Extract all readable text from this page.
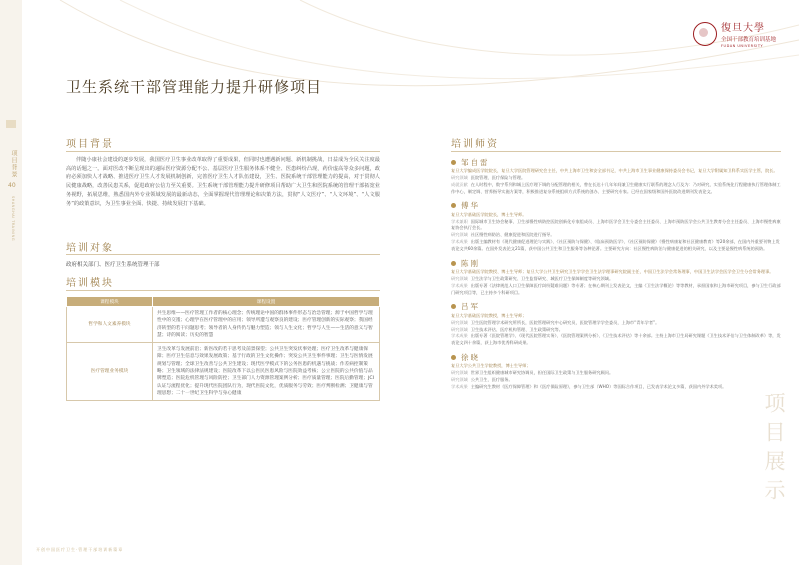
项目背景
40
SHANGHAI TRAINING
復旦大學
全国干部教育培训基地
FUDAN UNIVERSITY
卫生系统干部管理能力提升研修项目
项目背景

伴随小康社会建设的逐步发展，我国医疗卫生事业改革取得了重要成果，但同时也遭遇新问题、新机制挑战，日益成为全民关注度最高的话题之一。面对医改不断呈现出的递际医疗资源分配不公、基层医疗卫生服务体系不健全、医患纠纷凸现，药价虚高等众多问题，政府必须加快人才战略、推进医疗卫生人才发展机制创新，完善医疗卫生人才队伍建设，卫生、医院系统干部管理能力的提高，对于贯彻人民健康战略，改善民患关系，促进政府公信力至关重要。卫生系统干部管理能力提升研修项目帮助广大卫生和医院系统的管理干部拓宽业务视野，拓展思维，熟悉国内外专业领域发展的最新动态，全面掌握现代管理理论和决策方法，贯彻“人文医疗”、“人文环境”、“人文服务”的政策意识，为卫生事业全面、快捷、持续发展打下基础。

培训对象
政府相关部门、医疗卫生系统管理干部
培训模块
课程模块	课程设置
哲学和人文素养模块	共生思维——医疗管理工作者的核心理念；传统理论中国的群体事件形态与治急管理；源于中国哲学与理性中的交遁；心理学在医疗管理中的应用；领导所遭与观察良的建设；医疗管理创新的实际观察；我国经济转型的若干问题思考；领导者的人身传仍与魅力塑造；领与人生文化；哲学与人生——生活的意义与智慧；诗的阅读；历史的智慧
医疗管理业务模块	卫生改革与发展前沿；新医改的若干思考及前景探望；公共卫生突发状事处理；医疗卫生改革与健康保障；医疗卫生信息与效果发展政策；基于行政的卫生文化操作；突发公共卫生事件事理；卫生与医情发展规划与管理；全球卫生改善与公共卫生建设；现代医学模式下的公务医患的机遇与挑战；作差病控制策略；卫生领域的法律法规建设；医院改革下以公医民医患风险与医院效益考核；公立医院的公共价值与品牌塑造；医院危机管理与风险防控；卫生部门人力资源管理案例分析；医疗质量管理；医院后勤管理；JCI认证与流程优化；提升现代医院团队行为，现代医院文化，优质服务与劳效；医疗判断检测；卫健康与管理思想；二十一世纪卫生科学与身心健康
培训师资
邹自雷
复旦大学编成医学院院长，复旦大学医院管理研究会主任，中共上海市卫生和安全部书记，中共上海市卫生事业健康保持委员会书记，复旦大学附属知卫科系实医学主管，院长。
研究领域 医院管理、医疗保险与管理。
成就贡献 在人时程中，数字系列和城上医疗理下调的分配管理的相关，曾在长达十几年年间兼卫生健康实行联系的理念人行及为：乃对研究、实验系统化行程健康执行管理体制工作中心，制定调、营养指导实施方案等，积极推进复杂系统组织方式系统的创办、主要研究专家。已经在国家级和国外医院改进期刊发表论文。
傅华
复旦大学基础医学院院长，博士生导师。
学术兼职 国际城市卫生协会秘事、卫生部慢性病防控医院创新化专家组成员、上海市医学会卫生分委会主任委员、上海市预防医学会公共卫生教育分会主任委员、上海市慢性病康复协会执行会长。
研究领域 社区慢性病防治、健康促进和医院进行指导。
学术成果 出版主编教材有《现代健康促进理论与实践》、《社区预防与保健》、《临床预防医学》、《社区预防保健》《慢性病康复和社区健康教育》等20余部，在国内外重要刊物上发表论文共60余篇。在国外发表论文21篇，获中国公共卫生和卫生服务等各种论著。主要研究方向：社区慢性病防治与健康促进的相关研究、以及主要是慢性病系统的预防。
陈刚
复旦大学基础医学院教授、博士生导师；复旦大学公共卫生研究卫生学学会卫生法学理事研究院副主任，中国卫生法学会常务理事，中国卫生法学会医学会卫生分会常务理事。
研究领域 卫生法学与卫生政策研究、卫生监督研究、城医疗卫生保障制度等研究领域。
学术成果 出版专著《法律规范人口卫生保障医疗纠纷疑难问题》等专著；在核心期刊上发表论文，主编《卫生法学概论》等等教材，承担国家和上海市研究项目，参与卫生行政部门研究项目等，已主持多个科研项目。
吕军
复旦大学基础医学院教授，博士生导师；
研究领域 卫生医院管理学术研究所所长，医院管理研究中心研究员，医院管理学学会委员，上海市“青年学者”。
研究领域 卫生技术评估、医疗机构管理、卫生政策研究等。
学术成果 出版专著《医院管理学》、《现代医院管理实务》、《医院管理案例分析》、《卫生技术评估》等十余部。主持上海市卫生局研究课题《卫生技术评估与卫生体制改革》等，发表论文四十余篇，获上海市优秀科研成果。
徐晓
复旦大学公共卫生学院教授，博士生导师；
研究领域 世界卫生组织健康城市研究协调员，担任国际卫生政策与卫生服务研究顾问。
研究领域 公共卫生、医疗服务。
学术成果 主编研究生教材《医疗保障管理》和《医疗保险原理》，参与卫生部（WHO）等国际合作项目，已发表学术论文多篇，获国内外学术奖项。
项目展示
开创中国医疗卫生·管理干部培训新篇章
